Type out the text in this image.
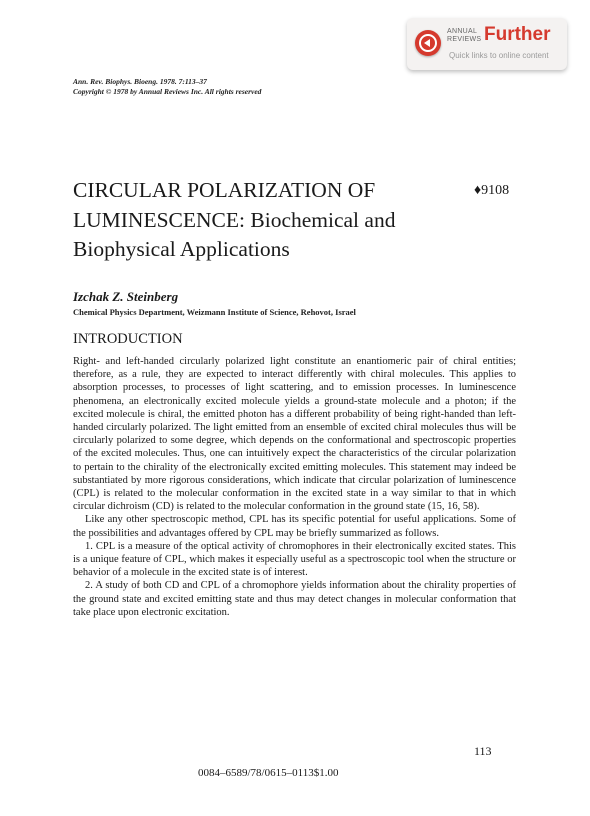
ANNUAL
REVIEWS Further
Quick links to online content
Ann. Rev. Biophys. Bioeng. 1978. 7:113–37
Copyright © 1978 by Annual Reviews Inc. All rights reserved
CIRCULAR POLARIZATION OF
LUMINESCENCE: Biochemical and
Biophysical Applications
♦9108
Izchak Z. Steinberg
Chemical Physics Department, Weizmann Institute of Science, Rehovot, Israel
INTRODUCTION

Right- and left-handed circularly polarized light constitute an enantiomeric pair of chiral entities; therefore, as a rule, they are expected to interact differently with chiral molecules. This applies to absorption processes, to processes of light scattering, and to emission processes. In luminescence phenomena, an electronically excited molecule yields a ground-state molecule and a photon; if the excited molecule is chiral, the emitted photon has a different probability of being right-handed than left-handed circularly polarized. The light emitted from an ensemble of excited chiral molecules thus will be circularly polarized to some degree, which depends on the conformational and spectroscopic properties of the excited molecules. Thus, one can intuitively expect the characteristics of the circular polarization to pertain to the chirality of the electronically excited emitting molecules. This statement may indeed be substantiated by more rigorous considerations, which indicate that circular polarization of luminescence (CPL) is related to the molecular conformation in the excited state in a way similar to that in which circular dichroism (CD) is related to the molecular conformation in the ground state (15, 16, 58).

Like any other spectroscopic method, CPL has its specific potential for useful applications. Some of the possibilities and advantages offered by CPL may be briefly summarized as follows.

1. CPL is a measure of the optical activity of chromophores in their electronically excited states. This is a unique feature of CPL, which makes it especially useful as a spectroscopic tool when the structure or behavior of a molecule in the excited state is of interest.

2. A study of both CD and CPL of a chromophore yields information about the chirality properties of the ground state and excited emitting state and thus may detect changes in molecular conformation that take place upon electronic excitation.

113
0084–6589/78/0615–0113$1.00
